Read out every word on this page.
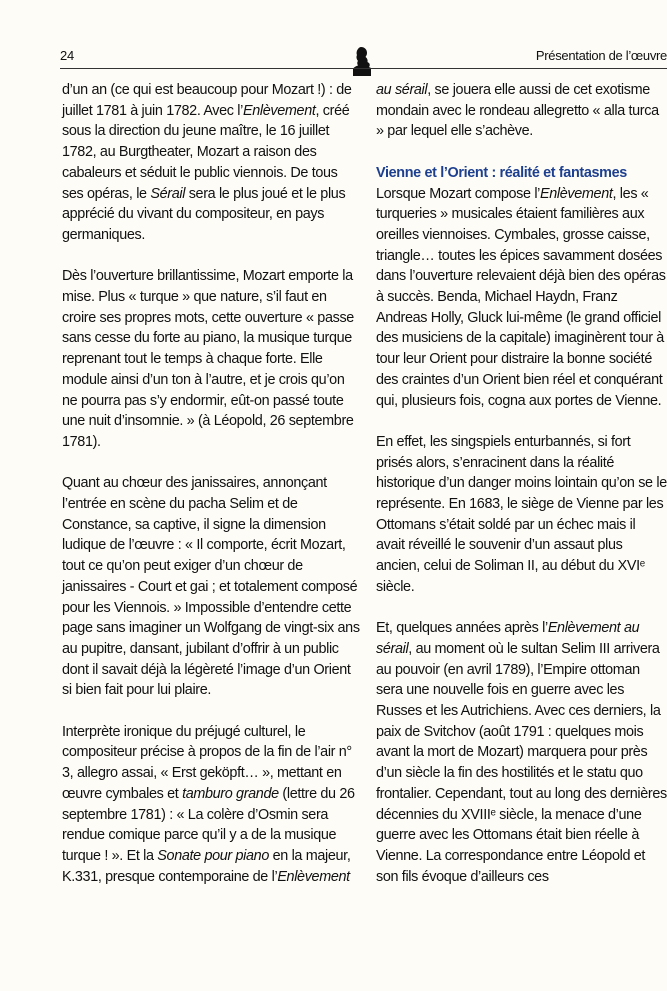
24	Présentation de l’œuvre

d’un an (ce qui est beaucoup pour Mozart !) : de juillet 1781 à juin 1782. Avec l’Enlèvement, créé sous la direction du jeune maître, le 16 juillet 1782, au Burgtheater, Mozart a raison des cabaleurs et séduit le public viennois. De tous ses opéras, le Sérail sera le plus joué et le plus apprécié du vivant du compositeur, en pays germaniques.

Dès l’ouverture brillantissime, Mozart emporte la mise. Plus « turque » que nature, s’il faut en croire ses propres mots, cette ouverture « passe sans cesse du forte au piano, la musique turque reprenant tout le temps à chaque forte. Elle module ainsi d’un ton à l’autre, et je crois qu’on ne pourra pas s’y endormir, eût-on passé toute une nuit d’insomnie. » (à Léopold, 26 septembre 1781).

Quant au chœur des janissaires, annonçant l’entrée en scène du pacha Selim et de Constance, sa captive, il signe la dimension ludique de l’œuvre : « Il comporte, écrit Mozart, tout ce qu’on peut exiger d’un chœur de janissaires - Court et gai ; et totalement composé pour les Viennois. » Impossible d’entendre cette page sans imaginer un Wolfgang de vingt-six ans au pupitre, dansant, jubilant d’offrir à un public dont il savait déjà la légèreté l’image d’un Orient si bien fait pour lui plaire.

Interprète ironique du préjugé culturel, le compositeur précise à propos de la fin de l’air n° 3, allegro assai, « Erst geköpft… », mettant en œuvre cymbales et tamburo grande (lettre du 26 septembre 1781) : « La colère d’Osmin sera rendue comique parce qu’il y a de la musique turque ! ». Et la Sonate pour piano en la majeur, K.331, presque contemporaine de l’Enlèvement

au sérail, se jouera elle aussi de cet exotisme mondain avec le rondeau allegretto « alla turca » par lequel elle s’achève.

Vienne et l’Orient : réalité et fantasmes

Lorsque Mozart compose l’Enlèvement, les « turqueries » musicales étaient familières aux oreilles viennoises. Cymbales, grosse caisse, triangle… toutes les épices savamment dosées dans l’ouverture relevaient déjà bien des opéras à succès. Benda, Michael Haydn, Franz Andreas Holly, Gluck lui-même (le grand officiel des musiciens de la capitale) imaginèrent tour à tour leur Orient pour distraire la bonne société des craintes d’un Orient bien réel et conquérant qui, plusieurs fois, cogna aux portes de Vienne.

En effet, les singspiels enturbannés, si fort prisés alors, s’enracinent dans la réalité historique d’un danger moins lointain qu’on se le représente. En 1683, le siège de Vienne par les Ottomans s’était soldé par un échec mais il avait réveillé le souvenir d’un assaut plus ancien, celui de Soliman II, au début du XVIᵉ siècle.

Et, quelques années après l’Enlèvement au sérail, au moment où le sultan Selim III arrivera au pouvoir (en avril 1789), l’Empire ottoman sera une nouvelle fois en guerre avec les Russes et les Autrichiens. Avec ces derniers, la paix de Svitchov (août 1791 : quelques mois avant la mort de Mozart) marquera pour près d’un siècle la fin des hostilités et le statu quo frontalier. Cependant, tout au long des dernières décennies du XVIIIᵉ siècle, la menace d’une guerre avec les Ottomans était bien réelle à Vienne. La correspondance entre Léopold et son fils évoque d’ailleurs ces
